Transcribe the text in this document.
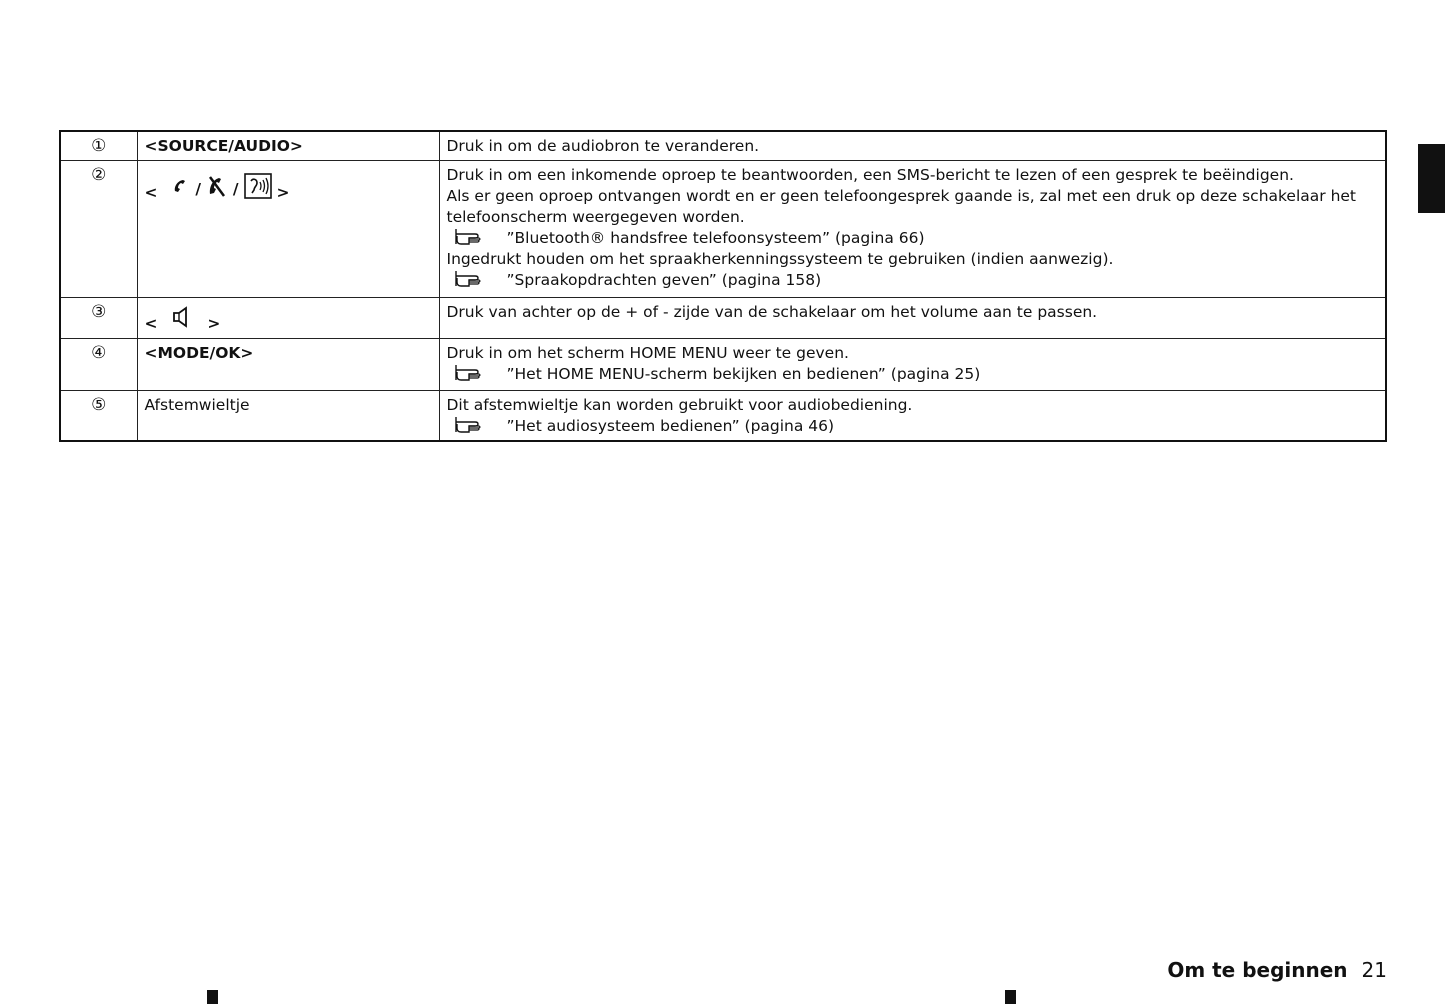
①	<SOURCE/AUDIO>	Druk in om de audiobron te veranderen.

②	< / / >	Druk in om een inkomende oproep te beantwoorden, een SMS-bericht te lezen of een gesprek te beëindigen.
Als er geen oproep ontvangen wordt en er geen telefoongesprek gaande is, zal met een druk op deze schakelaar het telefoonscherm weergegeven worden.
”Bluetooth® handsfree telefoonsysteem” (pagina 66)
Ingedrukt houden om het spraakherkenningssysteem te gebruiken (indien aanwezig).
”Spraakopdrachten geven” (pagina 158)

③	< >	Druk van achter op de + of - zijde van de schakelaar om het volume aan te passen.

④	<MODE/OK>	Druk in om het scherm HOME MENU weer te geven.
”Het HOME MENU-scherm bekijken en bedienen” (pagina 25)

⑤	Afstemwieltje	Dit afstemwieltje kan worden gebruikt voor audiobediening.
”Het audiosysteem bedienen” (pagina 46)
Om te beginnen 21
